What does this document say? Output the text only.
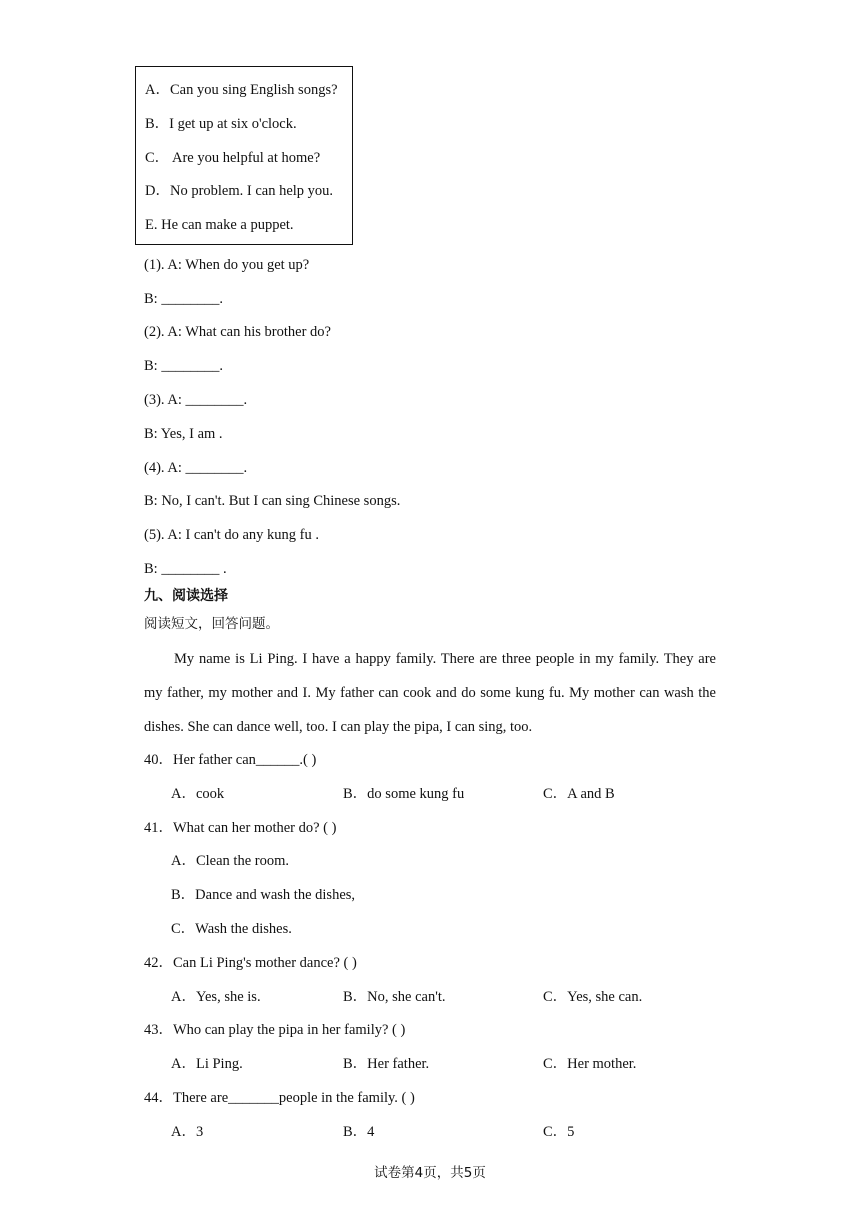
A．Can you sing English songs?
B．I get up at six o'clock.
C． Are you helpful at home?
D．No problem. I can help you.
E. He can make a puppet.
(1). A: When do you get up?
B: ________.
(2). A: What can his brother do?
B: ________.
(3). A: ________.
B: Yes, I am .
(4). A: ________.
B: No, I can't. But I can sing Chinese songs.
(5). A: I can't do any kung fu .
B: ________ .
九、阅读选择
阅读短文，回答问题。

My name is Li Ping. I have a happy family. There are three people in my family. They are my father, my mother and I. My father can cook and do some kung fu. My mother can wash the dishes. She can dance well, too. I can play the pipa, I can sing, too.

40．Her father can______.( )
A．cook	B．do some kung fu	C．A and B
41．What can her mother do? ( )
A．Clean the room.
B．Dance and wash the dishes,
C．Wash the dishes.
42．Can Li Ping's mother dance? ( )
A．Yes, she is.	B．No, she can't.	C．Yes, she can.
43．Who can play the pipa in her family? ( )
A．Li Ping.	B．Her father.	C．Her mother.
44．There are_______people in the family. ( )
A．3	B．4	C．5
试卷第4页，共5页
